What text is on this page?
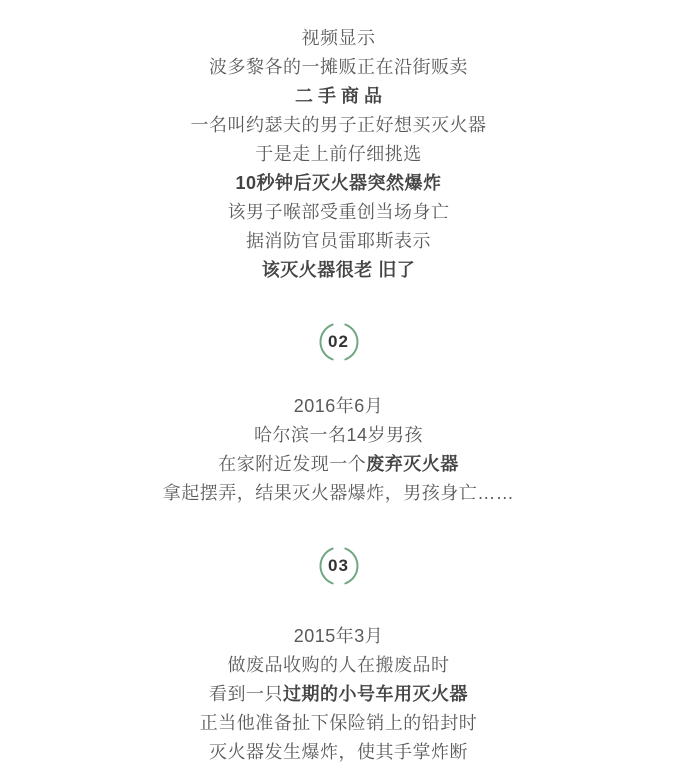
视频显示
波多黎各的一摊贩正在沿街贩卖
二手商品
一名叫约瑟夫的男子正好想买灭火器
于是走上前仔细挑选
10秒钟后灭火器突然爆炸
该男子喉部受重创当场身亡
据消防官员雷耶斯表示
该灭火器很老 旧了
02
2016年6月
哈尔滨一名14岁男孩
在家附近发现一个废弃灭火器
拿起摆弄，结果灭火器爆炸，男孩身亡……
03
2015年3月
做废品收购的人在搬废品时
看到一只过期的小号车用灭火器
正当他准备扯下保险销上的铅封时
灭火器发生爆炸，使其手掌炸断
